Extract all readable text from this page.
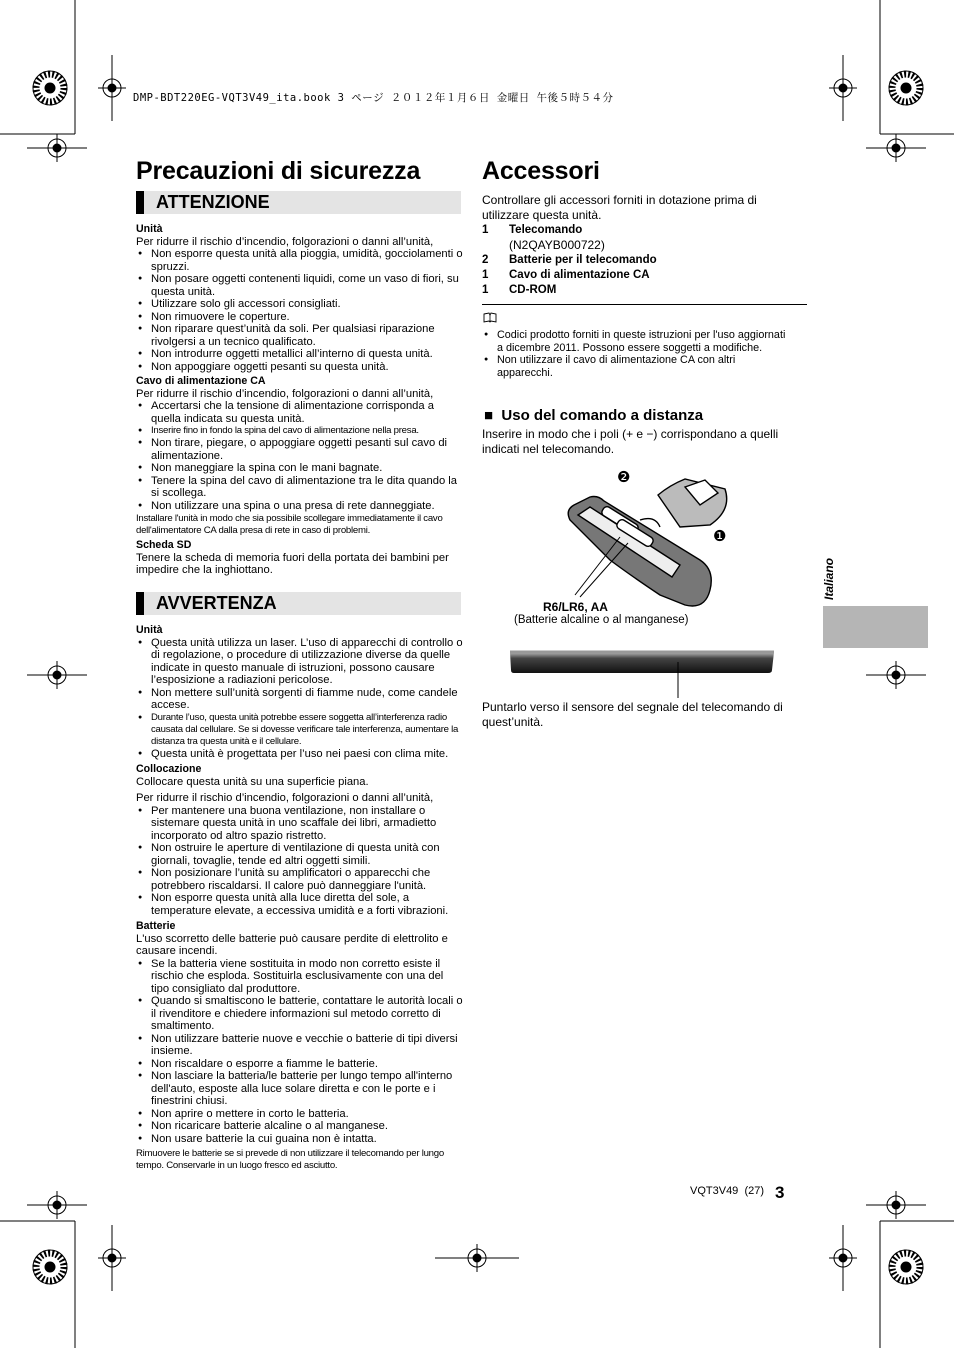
DMP-BDT220EG-VQT3V49_ita.book 3 ページ ２０１２年１月６日 金曜日 午後５時５４分
Precauzioni di sicurezza
ATTENZIONE
Unità

Per ridurre il rischio d’incendio, folgorazioni o danni all’unità,

● Non esporre questa unità alla pioggia, umidità, gocciolamenti o spruzzi.
● Non posare oggetti contenenti liquidi, come un vaso di fiori, su questa unità.
● Utilizzare solo gli accessori consigliati.
● Non rimuovere le coperture.
● Non riparare quest’unità da soli. Per qualsiasi riparazione rivolgersi a un tecnico qualificato.
● Non introdurre oggetti metallici all’interno di questa unità.
● Non appoggiare oggetti pesanti su questa unità.
Cavo di alimentazione CA

Per ridurre il rischio d’incendio, folgorazioni o danni all’unità,

● Accertarsi che la tensione di alimentazione corrisponda a quella indicata su questa unità.
● Inserire fino in fondo la spina del cavo di alimentazione nella presa.
● Non tirare, piegare, o appoggiare oggetti pesanti sul cavo di alimentazione.
● Non maneggiare la spina con le mani bagnate.
● Tenere la spina del cavo di alimentazione tra le dita quando la si scollega.
● Non utilizzare una spina o una presa di rete danneggiate.

Installare l'unità in modo che sia possibile scollegare immediatamente il cavo dell'alimentatore CA dalla presa di rete in caso di problemi.

Scheda SD

Tenere la scheda di memoria fuori della portata dei bambini per impedire che la inghiottano.

AVVERTENZA
Unità
● Questa unità utilizza un laser. L’uso di apparecchi di controllo o di regolazione, o procedure di utilizzazione diverse da quelle indicate in questo manuale di istruzioni, possono causare l’esposizione a radiazioni pericolose.
● Non mettere sull’unità sorgenti di fiamme nude, come candele accese.
● Durante l’uso, questa unità potrebbe essere soggetta all’interferenza radio causata dal cellulare. Se si dovesse verificare tale interferenza, aumentare la distanza tra questa unità e il cellulare.
● Questa unità è progettata per l’uso nei paesi con clima mite.
Collocazione

Collocare questa unità su una superficie piana.

Per ridurre il rischio d’incendio, folgorazioni o danni all’unità,

● Per mantenere una buona ventilazione, non installare o sistemare questa unità in uno scaffale dei libri, armadietto incorporato od altro spazio ristretto.
● Non ostruire le aperture di ventilazione di questa unità con giornali, tovaglie, tende ed altri oggetti simili.
● Non posizionare l’unità su amplificatori o apparecchi che potrebbero riscaldarsi. Il calore può danneggiare l'unità.
● Non esporre questa unità alla luce diretta del sole, a temperature elevate, a eccessiva umidità e a forti vibrazioni.
Batterie

L'uso scorretto delle batterie può causare perdite di elettrolito e causare incendi.

● Se la batteria viene sostituita in modo non corretto esiste il rischio che esploda. Sostituirla esclusivamente con una del tipo consigliato dal produttore.
● Quando si smaltiscono le batterie, contattare le autorità locali o il rivenditore e chiedere informazioni sul metodo corretto di smaltimento.
● Non utilizzare batterie nuove e vecchie o batterie di tipi diversi insieme.
● Non riscaldare o esporre a fiamme le batterie.
● Non lasciare la batteria/le batterie per lungo tempo all'interno dell'auto, esposte alla luce solare diretta e con le porte e i finestrini chiusi.
● Non aprire o mettere in corto le batteria.
● Non ricaricare batterie alcaline o al manganese.
● Non usare batterie la cui guaina non è intatta.

Rimuovere le batterie se si prevede di non utilizzare il telecomando per lungo tempo. Conservarle in un luogo fresco ed asciutto.

Accessori

Controllare gli accessori forniti in dotazione prima di utilizzare questa unità.

1	Telecomando
(N2QAYB000722)
2	Batterie per il telecomando
1	Cavo di alimentazione CA
1	CD-ROM
● Codici prodotto forniti in queste istruzioni per l'uso aggiornati a dicembre 2011. Possono essere soggetti a modifiche.
● Non utilizzare il cavo di alimentazione CA con altri apparecchi.
■ Uso del comando a distanza
Inserire in modo che i poli (+ e −) corrispondano a quelli indicati nel telecomando.
❷
❶
R6/LR6, AA
(Batterie alcaline o al manganese)
Puntarlo verso il sensore del segnale del telecomando di quest’unità.
Italiano
VQT3V49 (27) 3
